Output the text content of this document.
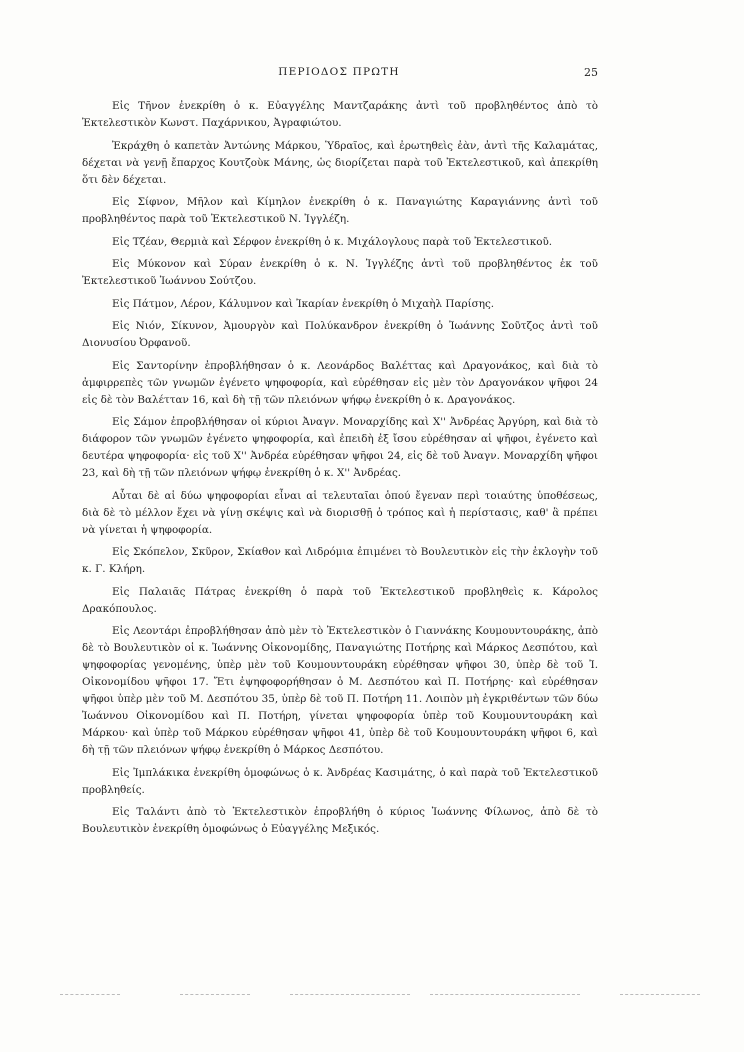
ΠΕΡΙΟΔΟΣ ΠΡΩΤΗ	25

Εἰς Τῆνον ἐνεκρίθη ὁ κ. Εὐαγγέλης Μαντζαράκης ἀντὶ τοῦ προβληθέντος ἀπὸ τὸ Ἐκτελεστικὸν Κωνστ. Παχάρνικου, Ἀγραφιώτου.

Ἐκράχθη ὁ καπετὰν Ἀντώνης Μάρκου, Ὑδραῖος, καὶ ἐρωτηθεὶς ἐὰν, ἀντὶ τῆς Καλαμάτας, δέχεται νὰ γενῇ ἔπαρχος Κουτζοὺκ Μάνης, ὡς διορίζεται παρὰ τοῦ Ἐκτελεστικοῦ, καὶ ἀπεκρίθη ὅτι δὲν δέχεται.

Εἰς Σίφνον, Μῆλον καὶ Κίμηλον ἐνεκρίθη ὁ κ. Παναγιώτης Καραγιάννης ἀντὶ τοῦ προβληθέντος παρὰ τοῦ Ἐκτελεστικοῦ Ν. Ἰγγλέζη.

Εἰς Τζέαν, Θερμιὰ καὶ Σέρφον ἐνεκρίθη ὁ κ. Μιχάλογλους παρὰ τοῦ Ἐκτελεστικοῦ.

Εἰς Μύκονον καὶ Σύραν ἐνεκρίθη ὁ κ. Ν. Ἰγγλέζης ἀντὶ τοῦ προβληθέντος ἐκ τοῦ Ἐκτελεστικοῦ Ἰωάννου Σούτζου.

Εἰς Πάτμον, Λέρον, Κάλυμνον καὶ Ἰκαρίαν ἐνεκρίθη ὁ Μιχαὴλ Παρίσης.

Εἰς Νιόν, Σίκυνον, Ἀμουργὸν καὶ Πολύκανδρον ἐνεκρίθη ὁ Ἰωάννης Σοῦτζος ἀντὶ τοῦ Διονυσίου Ὀρφανοῦ.

Εἰς Σαντορίνην ἐπροβλήθησαν ὁ κ. Λεονάρδος Βαλέττας καὶ Δραγονάκος, καὶ διὰ τὸ ἀμφιρρεπὲς τῶν γνωμῶν ἐγένετο ψηφοφορία, καὶ εὑρέθησαν εἰς μὲν τὸν Δραγονάκον ψῆφοι 24 εἰς δὲ τὸν Βαλέτταν 16, καὶ δὴ τῇ τῶν πλειόνων ψήφῳ ἐνεκρίθη ὁ κ. Δραγονάκος.

Εἰς Σάμον ἐπροβλήθησαν οἱ κύριοι Ἀναγν. Μοναρχίδης καὶ Χ'' Ἀνδρέας Ἀργύρη, καὶ διὰ τὸ διάφορον τῶν γνωμῶν ἐγένετο ψηφοφορία, καὶ ἐπειδὴ ἐξ ἴσου εὑρέθησαν αἱ ψῆφοι, ἐγένετο καὶ δευτέρα ψηφοφορία· εἰς τοῦ Χ'' Ἀνδρέα εὑρέθησαν ψῆφοι 24, εἰς δὲ τοῦ Ἀναγν. Μοναρχίδη ψῆφοι 23, καὶ δὴ τῇ τῶν πλειόνων ψήφῳ ἐνεκρίθη ὁ κ. Χ'' Ἀνδρέας.

Αὗται δὲ αἱ δύω ψηφοφορίαι εἶναι αἱ τελευταῖαι ὁπού ἔγεναν περὶ τοιαύτης ὑποθέσεως, διὰ δὲ τὸ μέλλον ἔχει νὰ γίνῃ σκέψις καὶ νὰ διορισθῇ ὁ τρόπος καὶ ἡ περίστασις, καθ' ἃ πρέπει νὰ γίνεται ἡ ψηφοφορία.

Εἰς Σκόπελον, Σκῦρον, Σκίαθον καὶ Λιδρόμια ἐπιμένει τὸ Βουλευτικὸν εἰς τὴν ἐκλογὴν τοῦ κ. Γ. Κλήρη.

Εἰς Παλαιᾶς Πάτρας ἐνεκρίθη ὁ παρὰ τοῦ Ἐκτελεστικοῦ προβληθεὶς κ. Κάρολος Δρακόπουλος.

Εἰς Λεοντάρι ἐπροβλήθησαν ἀπὸ μὲν τὸ Ἐκτελεστικὸν ὁ Γιαννάκης Κουμουντουράκης, ἀπὸ δὲ τὸ Βουλευτικὸν οἱ κ. Ἰωάννης Οἰκονομίδης, Παναγιώτης Ποτήρης καὶ Μάρκος Δεσπότου, καὶ ψηφοφορίας γενομένης, ὑπὲρ μὲν τοῦ Κουμουντουράκη εὑρέθησαν ψῆφοι 30, ὑπὲρ δὲ τοῦ Ἰ. Οἰκονομίδου ψῆφοι 17. Ἔτι ἐψηφοφορήθησαν ὁ Μ. Δεσπότου καὶ Π. Ποτήρης· καὶ εὑρέθησαν ψῆφοι ὑπὲρ μὲν τοῦ Μ. Δεσπότου 35, ὑπὲρ δὲ τοῦ Π. Ποτήρη 11. Λοιπὸν μὴ ἐγκριθέντων τῶν δύω Ἰωάννου Οἰκονομίδου καὶ Π. Ποτήρη, γίνεται ψηφοφορία ὑπὲρ τοῦ Κουμουντουράκη καὶ Μάρκου· καὶ ὑπὲρ τοῦ Μάρκου εὑρέθησαν ψῆφοι 41, ὑπὲρ δὲ τοῦ Κουμουντουράκη ψῆφοι 6, καὶ δὴ τῇ τῶν πλειόνων ψήφῳ ἐνεκρίθη ὁ Μάρκος Δεσπότου.

Εἰς Ἰμπλάκικα ἐνεκρίθη ὁμοφώνως ὁ κ. Ἀνδρέας Κασιμάτης, ὁ καὶ παρὰ τοῦ Ἐκτελεστικοῦ προβληθείς.

Εἰς Ταλάντι ἀπὸ τὸ Ἐκτελεστικὸν ἐπροβλήθη ὁ κύριος Ἰωάννης Φίλωνος, ἀπὸ δὲ τὸ Βουλευτικὸν ἐνεκρίθη ὁμοφώνως ὁ Εὐαγγέλης Μεξικός.
